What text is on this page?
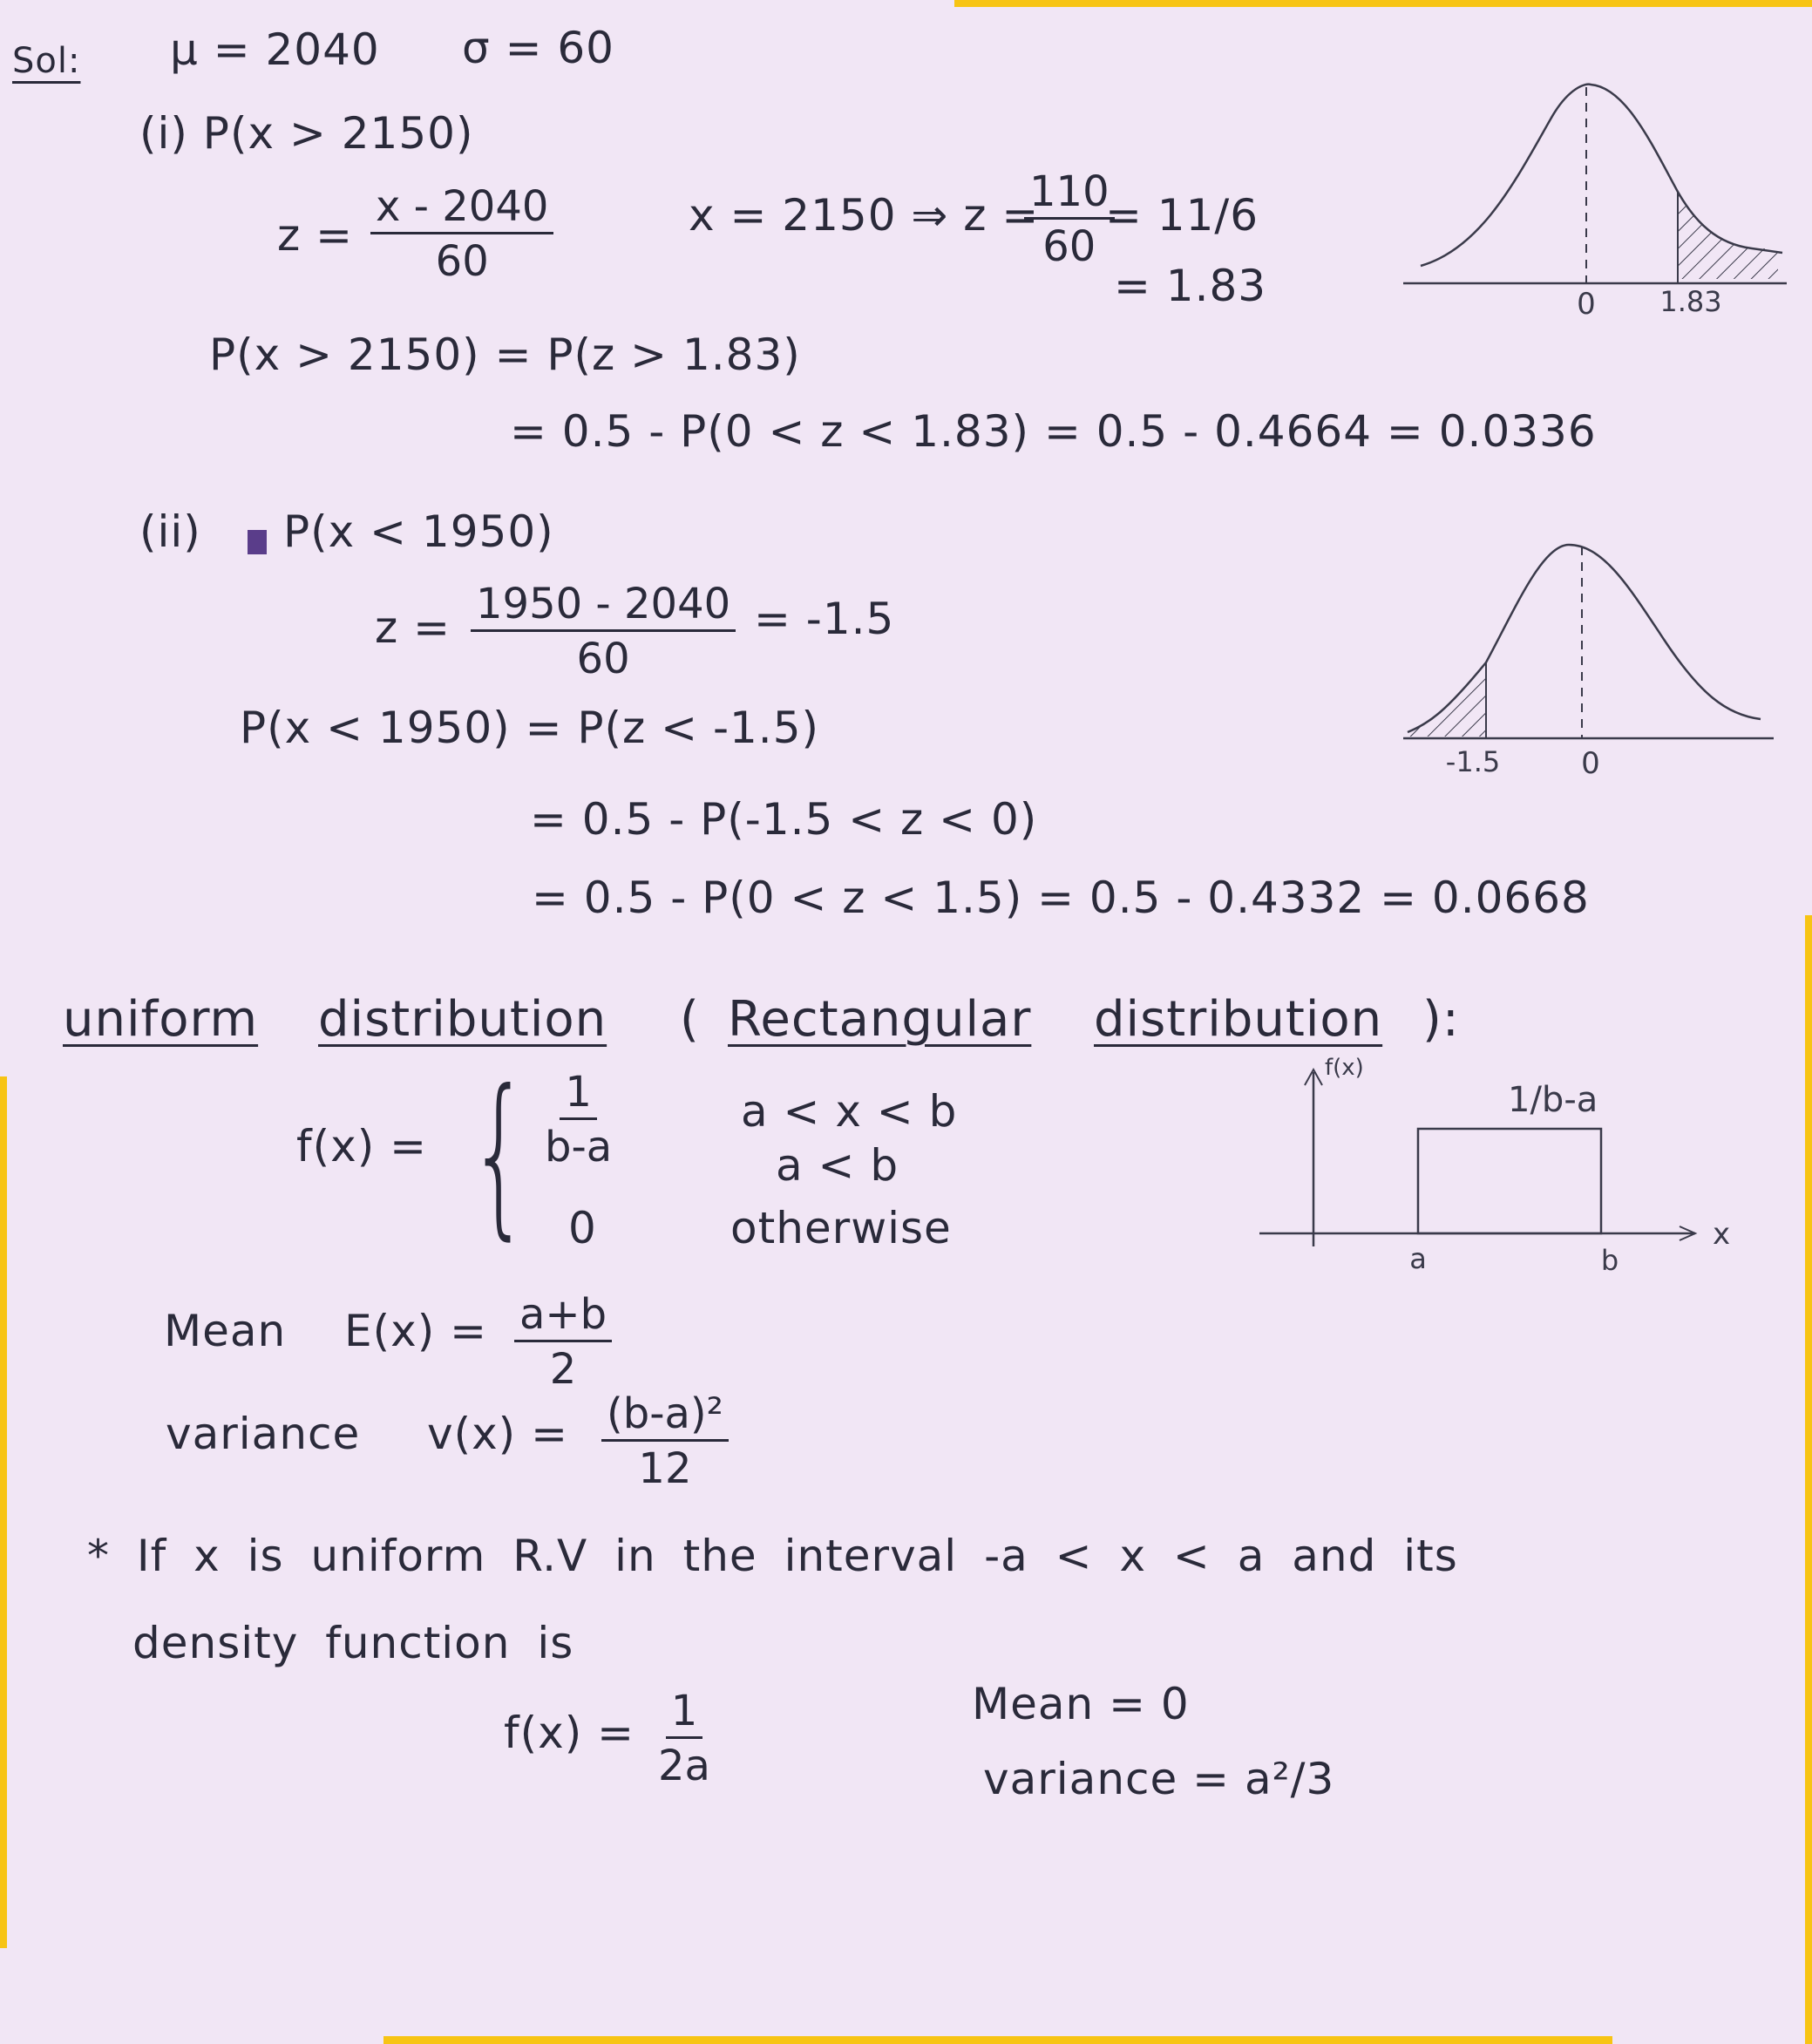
Sol: μ = 2040 σ = 60
(i) P(x > 2150)
$z = \frac{x - 2040}{60}$	x = 2150 ⇒ z =
$\frac{110}{60}$
= 11/6
= 1.83
P(x > 2150) = P(z > 1.83)
= 0.5 - P(0 < z < 1.83) = 0.5 - 0.4664 = 0.0336
0 1.83
(ii) P(x < 1950)
$z = \frac{1950 - 2040}{60} = -1.5$
P(x < 1950) = P(z < -1.5)
= 0.5 - P(-1.5 < z < 0)
= 0.5 - P(0 < z < 1.5) = 0.5 - 0.4332 = 0.0668
-1.5	0
uniform distribution ( Rectangular distribution ):
f(x) = { $\frac{1}{b-a}$	a < x < b
a < b
0	otherwise
f(x)
1/b-a
a	b
x
Mean $E(x) = \frac{a+b}{2}$
variance $v(x) = \frac{\text{(b-a)²}}{12}$
* If x is uniform R.V in the interval -a < x < a and its
density function is
$f(x) = \frac{1}{2a}$	Mean = 0
variance = a²/3
